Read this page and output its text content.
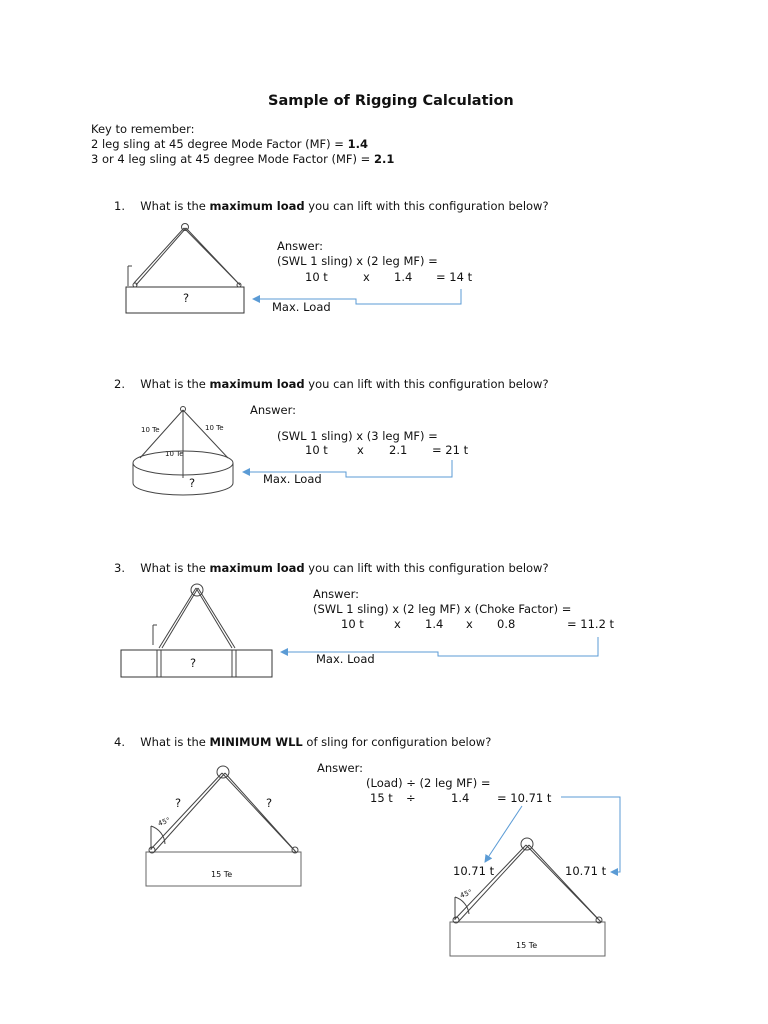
Sample of Rigging Calculation
Key to remember:
2 leg sling at 45 degree Mode Factor (MF) = 1.4
3 or 4 leg sling at 45 degree Mode Factor (MF) = 2.1
1. What is the maximum load you can lift with this configuration below?
Answer:
(SWL 1 sling) x (2 leg MF) =
10 t	x 1.4 = 14 t
?
Max. Load
2. What is the maximum load you can lift with this configuration below?
Answer:
(SWL 1 sling) x (3 leg MF) =
10 t	x 2.1 = 21 t
10 Te	10 Te
10 Te
?	Max. Load
3. What is the maximum load you can lift with this configuration below?
Answer:
(SWL 1 sling) x (2 leg MF) x (Choke Factor) =
10 t	x 1.4 x 0.8	= 11.2 t
?	Max. Load
4. What is the MINIMUM WLL of sling for configuration below?
Answer:
(Load) ÷ (2 leg MF) =
15 t ÷	1.4 = 10.71 t
?	?
45°
15 Te	10.71 t	10.71 t
45°
15 Te
